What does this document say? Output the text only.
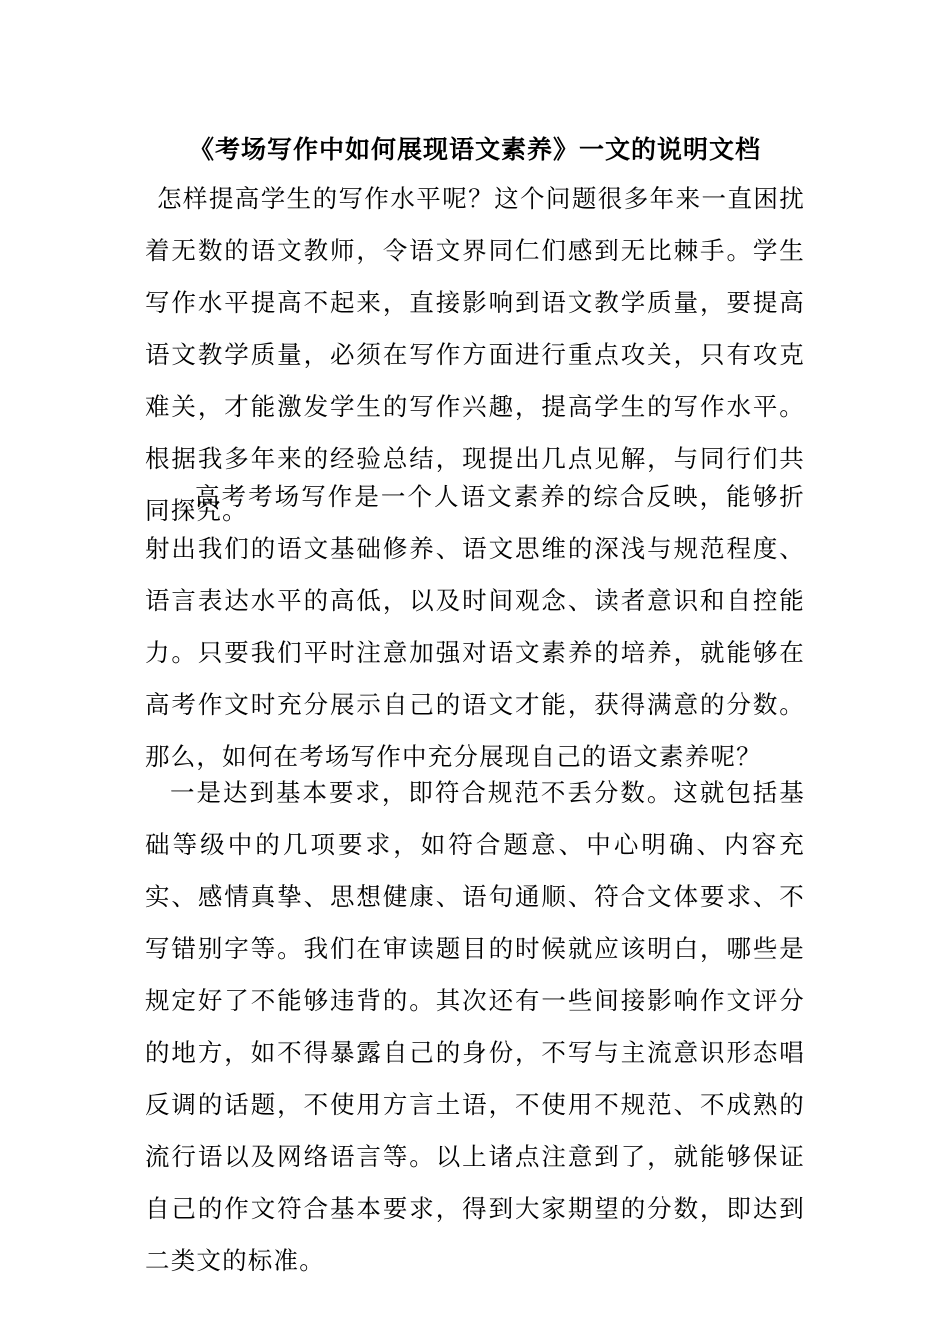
《考场写作中如何展现语文素养》一文的说明文档

怎样提高学生的写作水平呢？这个问题很多年来一直困扰着无数的语文教师，令语文界同仁们感到无比棘手。学生写作水平提高不起来，直接影响到语文教学质量，要提高语文教学质量，必须在写作方面进行重点攻关，只有攻克难关，才能激发学生的写作兴趣，提高学生的写作水平。根据我多年来的经验总结，现提出几点见解，与同行们共同探究。

高考考场写作是一个人语文素养的综合反映，能够折射出我们的语文基础修养、语文思维的深浅与规范程度、语言表达水平的高低，以及时间观念、读者意识和自控能力。只要我们平时注意加强对语文素养的培养，就能够在高考作文时充分展示自己的语文才能，获得满意的分数。那么，如何在考场写作中充分展现自己的语文素养呢？

一是达到基本要求，即符合规范不丢分数。这就包括基础等级中的几项要求，如符合题意、中心明确、内容充实、感情真挚、思想健康、语句通顺、符合文体要求、不写错别字等。我们在审读题目的时候就应该明白，哪些是规定好了不能够违背的。其次还有一些间接影响作文评分的地方，如不得暴露自己的身份，不写与主流意识形态唱反调的话题，不使用方言土语，不使用不规范、不成熟的流行语以及网络语言等。以上诸点注意到了，就能够保证自己的作文符合基本要求，得到大家期望的分数，即达到二类文的标准。
